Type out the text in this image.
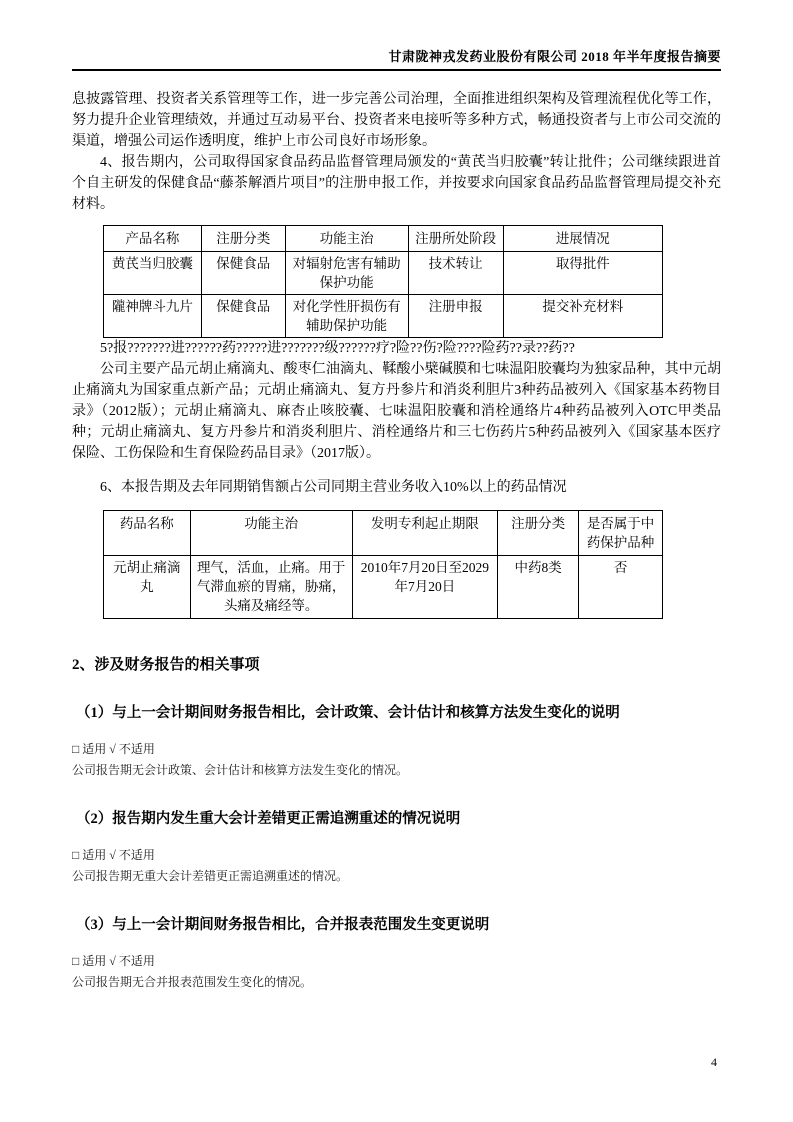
甘肃陇神戎发药业股份有限公司 2018 年半年度报告摘要

息披露管理、投资者关系管理等工作，进一步完善公司治理，全面推进组织架构及管理流程优化等工作，努力提升企业管理绩效，并通过互动易平台、投资者来电接听等多种方式，畅通投资者与上市公司交流的渠道，增强公司运作透明度，维护上市公司良好市场形象。

4、报告期内，公司取得国家食品药品监督管理局颁发的“黄芪当归胶囊”转让批件；公司继续跟进首个自主研发的保健食品“藤茶解酒片项目”的注册申报工作，并按要求向国家食品药品监督管理局提交补充材料。

产品名称	注册分类	功能主治	注册所处阶段	进展情况
黄芪当归胶囊	保健食品	对辐射危害有辅助保护功能	技术转让	取得批件
隴神牌斗九片	保健食品	对化学性肝损伤有辅助保护功能	注册申报	提交补充材料

5?报???????进??????药?????进???????级??????疗?险??伤?险????险药??录??药??

公司主要产品元胡止痛滴丸、酸枣仁油滴丸、鞣酸小檗碱膜和七味温阳胶囊均为独家品种，其中元胡止痛滴丸为国家重点新产品；元胡止痛滴丸、复方丹参片和消炎利胆片3种药品被列入《国家基本药物目录》（2012版）；元胡止痛滴丸、麻杏止咳胶囊、七味温阳胶囊和消栓通络片4种药品被列入OTC甲类品种；元胡止痛滴丸、复方丹参片和消炎利胆片、消栓通络片和三七伤药片5种药品被列入《国家基本医疗保险、工伤保险和生育保险药品目录》（2017版）。

6、本报告期及去年同期销售额占公司同期主营业务收入10%以上的药品情况

药品名称	功能主治	发明专利起止期限	注册分类	是否属于中药保护品种
元胡止痛滴丸	理气，活血，止痛。用于气滞血瘀的胃痛，胁痛，头痛及痛经等。	2010年7月20日至2029年7月20日	中药8类	否
2、涉及财务报告的相关事项
（1）与上一会计期间财务报告相比，会计政策、会计估计和核算方法发生变化的说明

□ 适用 √ 不适用

公司报告期无会计政策、会计估计和核算方法发生变化的情况。

（2）报告期内发生重大会计差错更正需追溯重述的情况说明

□ 适用 √ 不适用

公司报告期无重大会计差错更正需追溯重述的情况。

（3）与上一会计期间财务报告相比，合并报表范围发生变更说明

□ 适用 √ 不适用

公司报告期无合并报表范围发生变化的情况。

4
